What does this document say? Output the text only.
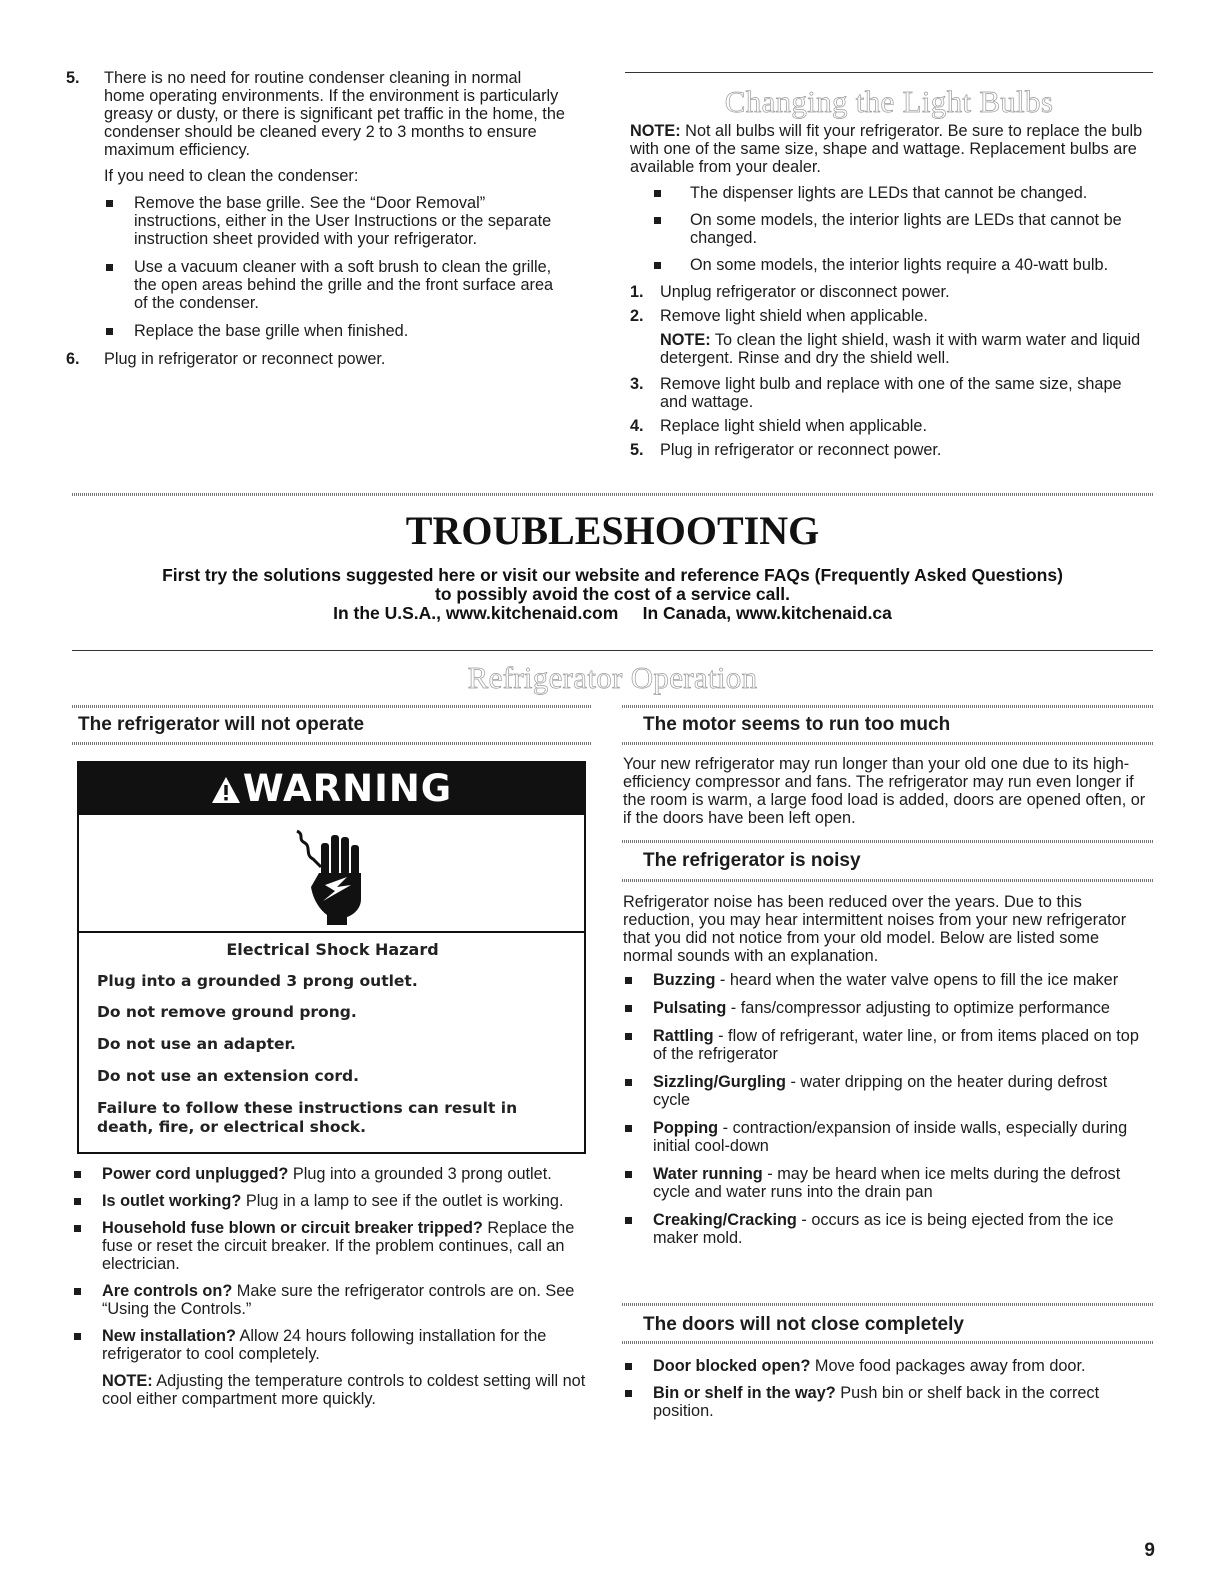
5. There is no need for routine condenser cleaning in normal home operating environments. If the environment is particularly greasy or dusty, or there is significant pet traffic in the home, the condenser should be cleaned every 2 to 3 months to ensure maximum efficiency.

If you need to clean the condenser:

Remove the base grille. See the “Door Removal” instructions, either in the User Instructions or the separate instruction sheet provided with your refrigerator.

Use a vacuum cleaner with a soft brush to clean the grille, the open areas behind the grille and the front surface area of the condenser.

Replace the base grille when finished.

6. Plug in refrigerator or reconnect power.

Changing the Light Bulbs

NOTE: Not all bulbs will fit your refrigerator. Be sure to replace the bulb with one of the same size, shape and wattage. Replacement bulbs are available from your dealer.

The dispenser lights are LEDs that cannot be changed.

On some models, the interior lights are LEDs that cannot be changed.

On some models, the interior lights require a 40-watt bulb.

1. Unplug refrigerator or disconnect power.

2. Remove light shield when applicable.

NOTE: To clean the light shield, wash it with warm water and liquid detergent. Rinse and dry the shield well.

3. Remove light bulb and replace with one of the same size, shape and wattage.

4. Replace light shield when applicable.

5. Plug in refrigerator or reconnect power.

TROUBLESHOOTING

First try the solutions suggested here or visit our website and reference FAQs (Frequently Asked Questions)

to possibly avoid the cost of a service call.

In the U.S.A., www.kitchenaid.com     In Canada, www.kitchenaid.ca

Refrigerator Operation
The refrigerator will not operate
WARNING
Electrical Shock Hazard
Plug into a grounded 3 prong outlet.
Do not remove ground prong.
Do not use an adapter.
Do not use an extension cord.
Failure to follow these instructions can result in death, fire, or electrical shock.

Power cord unplugged? Plug into a grounded 3 prong outlet.

Is outlet working? Plug in a lamp to see if the outlet is working.

Household fuse blown or circuit breaker tripped? Replace the fuse or reset the circuit breaker. If the problem continues, call an electrician.

Are controls on? Make sure the refrigerator controls are on. See “Using the Controls.”

New installation? Allow 24 hours following installation for the refrigerator to cool completely.

NOTE: Adjusting the temperature controls to coldest setting will not cool either compartment more quickly.

The motor seems to run too much

Your new refrigerator may run longer than your old one due to its high-efficiency compressor and fans. The refrigerator may run even longer if the room is warm, a large food load is added, doors are opened often, or if the doors have been left open.

The refrigerator is noisy

Refrigerator noise has been reduced over the years. Due to this reduction, you may hear intermittent noises from your new refrigerator that you did not notice from your old model. Below are listed some normal sounds with an explanation.

Buzzing - heard when the water valve opens to fill the ice maker

Pulsating - fans/compressor adjusting to optimize performance

Rattling - flow of refrigerant, water line, or from items placed on top of the refrigerator

Sizzling/Gurgling - water dripping on the heater during defrost cycle

Popping - contraction/expansion of inside walls, especially during initial cool-down

Water running - may be heard when ice melts during the defrost cycle and water runs into the drain pan

Creaking/Cracking - occurs as ice is being ejected from the ice maker mold.

The doors will not close completely

Door blocked open? Move food packages away from door.

Bin or shelf in the way? Push bin or shelf back in the correct position.

9
